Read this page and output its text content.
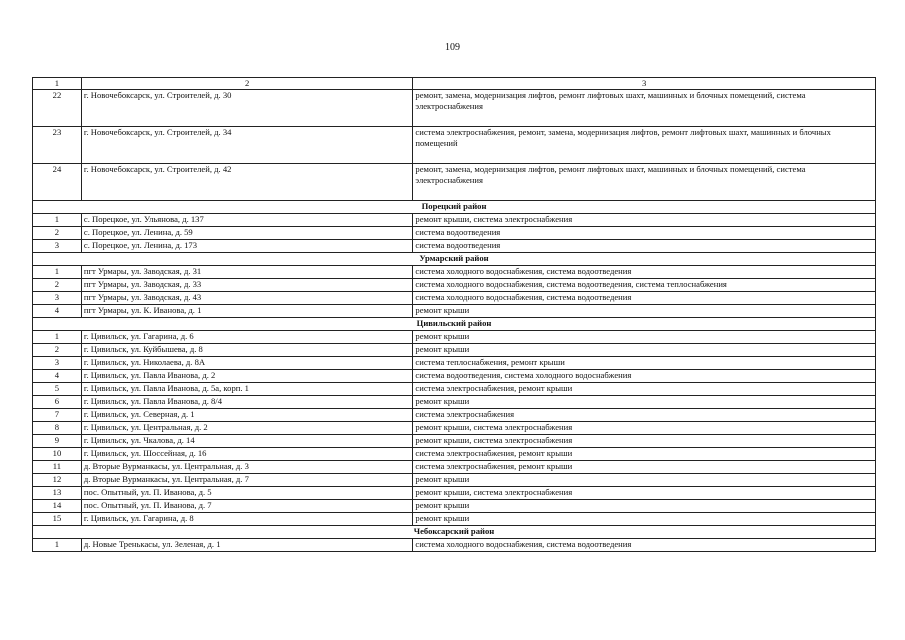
109
1	2	3
22	г. Новочебоксарск, ул. Строителей, д. 30	ремонт, замена, модернизация лифтов, ремонт лифтовых шахт, машинных и блочных помещений, система электроснабжения
23	г. Новочебоксарск, ул. Строителей, д. 34	система электроснабжения, ремонт, замена, модернизация лифтов, ремонт лифтовых шахт, машинных и блочных помещений
24	г. Новочебоксарск, ул. Строителей, д. 42	ремонт, замена, модернизация лифтов, ремонт лифтовых шахт, машинных и блочных помещений, система электроснабжения
Порецкий район		
1	с. Порецкое, ул. Ульянова, д. 137	ремонт крыши, система электроснабжения
2	с. Порецкое, ул. Ленина, д. 59	система водоотведения
3	с. Порецкое, ул. Ленина, д. 173	система водоотведения
Урмарский район		
1	пгт Урмары, ул. Заводская, д. 31	система холодного водоснабжения, система водоотведения
2	пгт Урмары, ул. Заводская, д. 33	система холодного водоснабжения, система водоотведения, система теплоснабжения
3	пгт Урмары, ул. Заводская, д. 43	система холодного водоснабжения, система водоотведения
4	пгт Урмары, ул. К. Иванова, д. 1	ремонт крыши
Цивильский район		
1	г. Цивильск, ул. Гагарина, д. 6	ремонт крыши
2	г. Цивильск, ул. Куйбышева, д. 8	ремонт крыши
3	г. Цивильск, ул. Николаева, д. 8А	система теплоснабжения, ремонт крыши
4	г. Цивильск, ул. Павла Иванова, д. 2	система водоотведения, система холодного водоснабжения
5	г. Цивильск, ул. Павла Иванова, д. 5а, корп. 1	система электроснабжения, ремонт крыши
6	г. Цивильск, ул. Павла Иванова, д. 8/4	ремонт крыши
7	г. Цивильск, ул. Северная, д. 1	система электроснабжения
8	г. Цивильск, ул. Центральная, д. 2	ремонт крыши, система электроснабжения
9	г. Цивильск, ул. Чкалова, д. 14	ремонт крыши, система электроснабжения
10	г. Цивильск, ул. Шоссейная, д. 16	система электроснабжения, ремонт крыши
11	д. Вторые Вурманкасы, ул. Центральная, д. 3	система электроснабжения, ремонт крыши
12	д. Вторые Вурманкасы, ул. Центральная, д. 7	ремонт крыши
13	пос. Опытный, ул. П. Иванова, д. 5	ремонт крыши, система электроснабжения
14	пос. Опытный, ул. П. Иванова, д. 7	ремонт крыши
15	г. Цивильск, ул. Гагарина, д. 8	ремонт крыши
Чебоксарский район		
1	д. Новые Тренькасы, ул. Зеленая, д. 1	система холодного водоснабжения, система водоотведения
